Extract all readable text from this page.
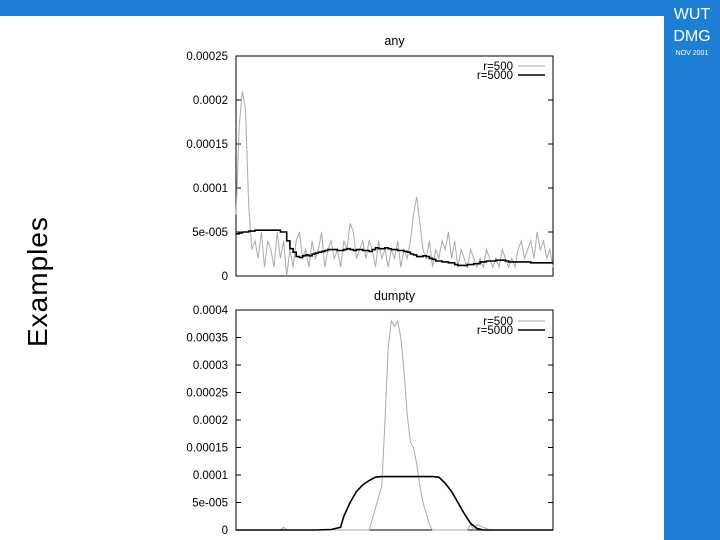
WUT
DMG
NOV 2001
Examples
any
0
5e-005
0.0001
0.00015
0.0002
0.00025
r=500
r=5000
dumpty
0
5e-005
0.0001
0.00015
0.0002
0.00025
0.0003
0.00035
0.0004
r=500
r=5000
